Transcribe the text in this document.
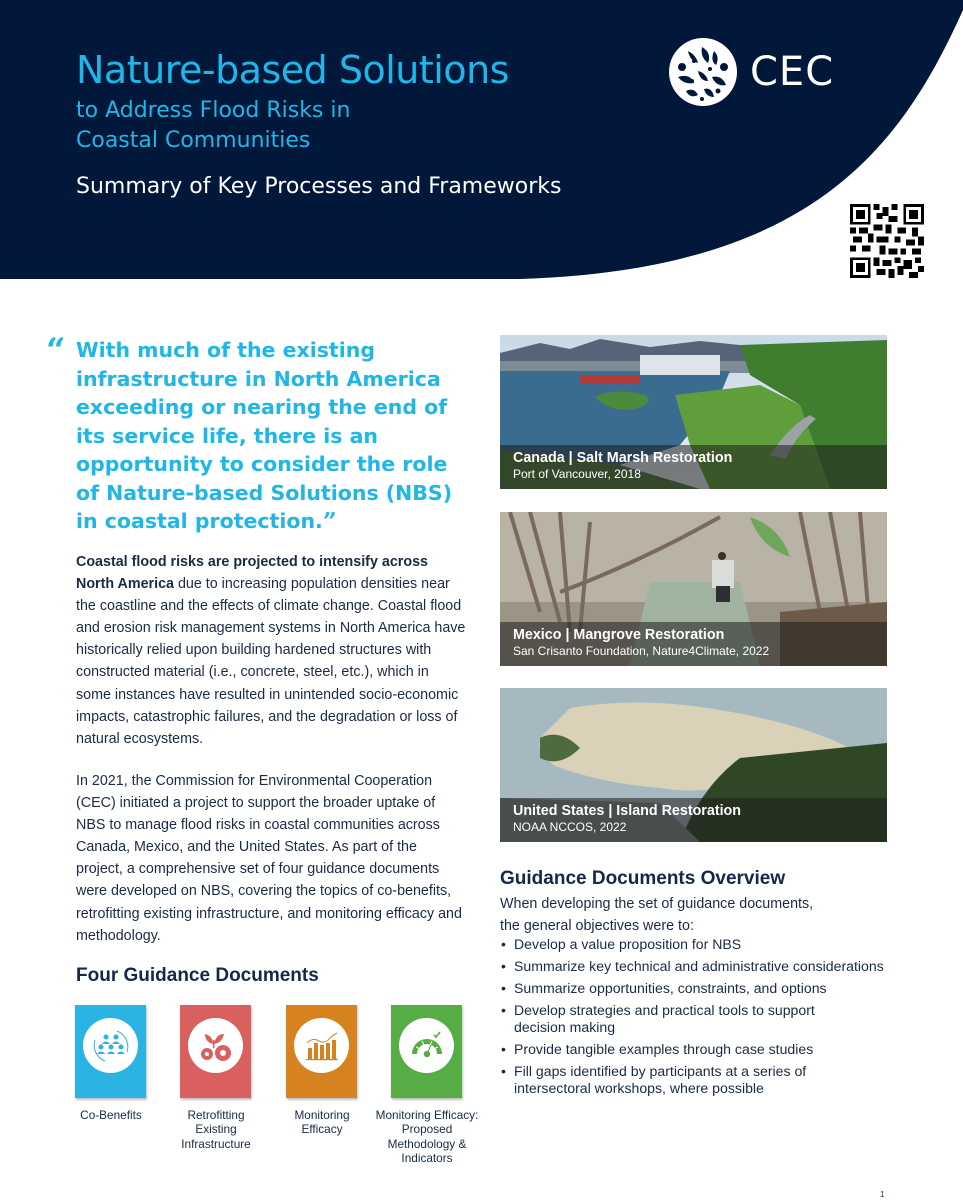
Nature-based Solutions
to Address Flood Risks in
Coastal Communities
Summary of Key Processes and Frameworks
CEC
“ With much of the existing infrastructure in North America exceeding or nearing the end of its service life, there is an opportunity to consider the role of Nature-based Solutions (NBS) in coastal protection.”

Coastal flood risks are projected to intensify across North America due to increasing population densities near the coastline and the effects of climate change. Coastal flood and erosion risk management systems in North America have historically relied upon building hardened structures with constructed material (i.e., concrete, steel, etc.), which in some instances have resulted in unintended socio-economic impacts, catastrophic failures, and the degradation or loss of natural ecosystems.

In 2021, the Commission for Environmental Cooperation (CEC) initiated a project to support the broader uptake of NBS to manage flood risks in coastal communities across Canada, Mexico, and the United States. As part of the project, a comprehensive set of four guidance documents were developed on NBS, covering the topics of co-benefits, retrofitting existing infrastructure, and monitoring efficacy and methodology.

Four Guidance Documents
Co-Benefits	Retrofitting Existing Infrastructure
Monitoring Efficacy
Monitoring Efficacy: Proposed Methodology & Indicators
Canada | Salt Marsh Restoration
Port of Vancouver, 2018
Mexico | Mangrove Restoration
San Crisanto Foundation, Nature4Climate, 2022
United States | Island Restoration
NOAA NCCOS, 2022
Guidance Documents Overview
When developing the set of guidance documents,
the general objectives were to:
• Develop a value proposition for NBS
• Summarize key technical and administrative considerations
• Summarize opportunities, constraints, and options
• Develop strategies and practical tools to support decision making
• Provide tangible examples through case studies
• Fill gaps identified by participants at a series of intersectoral workshops, where possible
1
